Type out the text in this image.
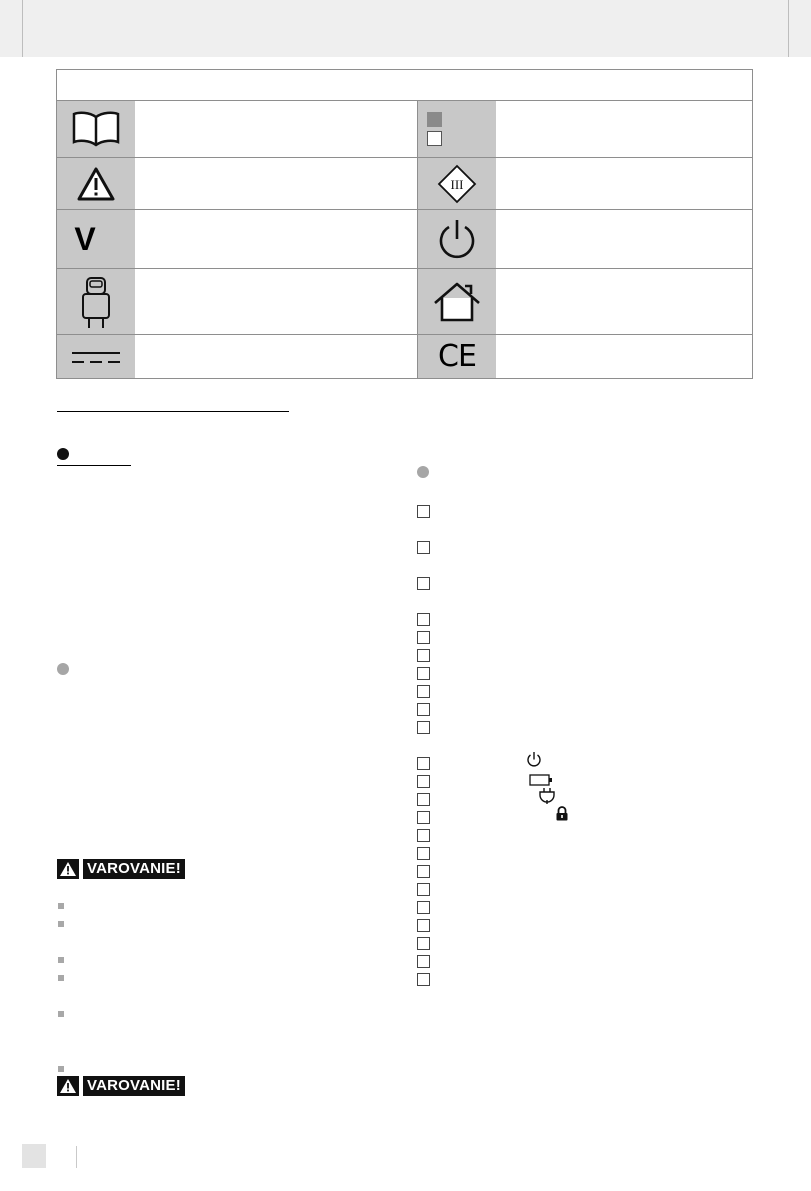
V
III
CE
VAROVANIE!
VAROVANIE!
